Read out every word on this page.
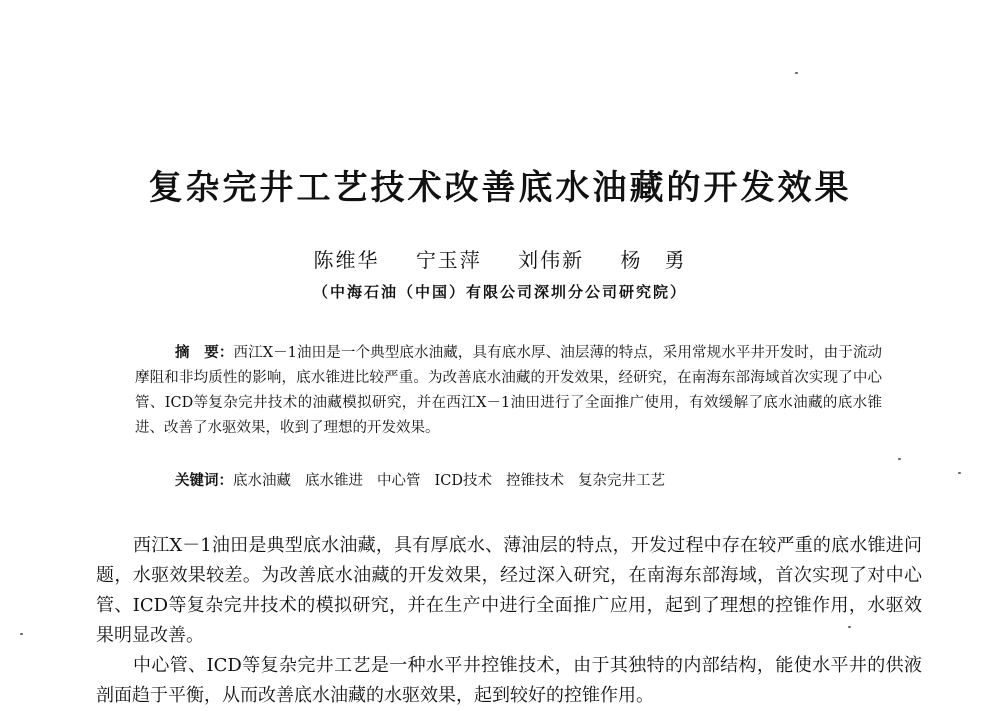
复杂完井工艺技术改善底水油藏的开发效果

陈维华 宁玉萍 刘伟新 杨　勇

（中海石油（中国）有限公司深圳分公司研究院）

摘　要：西江X－1油田是一个典型底水油藏，具有底水厚、油层薄的特点，采用常规水平井开发时，由于流动摩阻和非均质性的影响，底水锥进比较严重。为改善底水油藏的开发效果，经研究，在南海东部海域首次实现了中心管、ICD等复杂完井技术的油藏模拟研究，并在西江X－1油田进行了全面推广使用，有效缓解了底水油藏的底水锥进、改善了水驱效果，收到了理想的开发效果。

关键词：底水油藏 底水锥进 中心管 ICD技术 控锥技术 复杂完井工艺

西江X－1油田是典型底水油藏，具有厚底水、薄油层的特点，开发过程中存在较严重的底水锥进问题，水驱效果较差。为改善底水油藏的开发效果，经过深入研究，在南海东部海域，首次实现了对中心管、ICD等复杂完井技术的模拟研究，并在生产中进行全面推广应用，起到了理想的控锥作用，水驱效果明显改善。

中心管、ICD等复杂完井工艺是一种水平井控锥技术，由于其独特的内部结构，能使水平井的供液剖面趋于平衡，从而改善底水油藏的水驱效果，起到较好的控锥作用。
